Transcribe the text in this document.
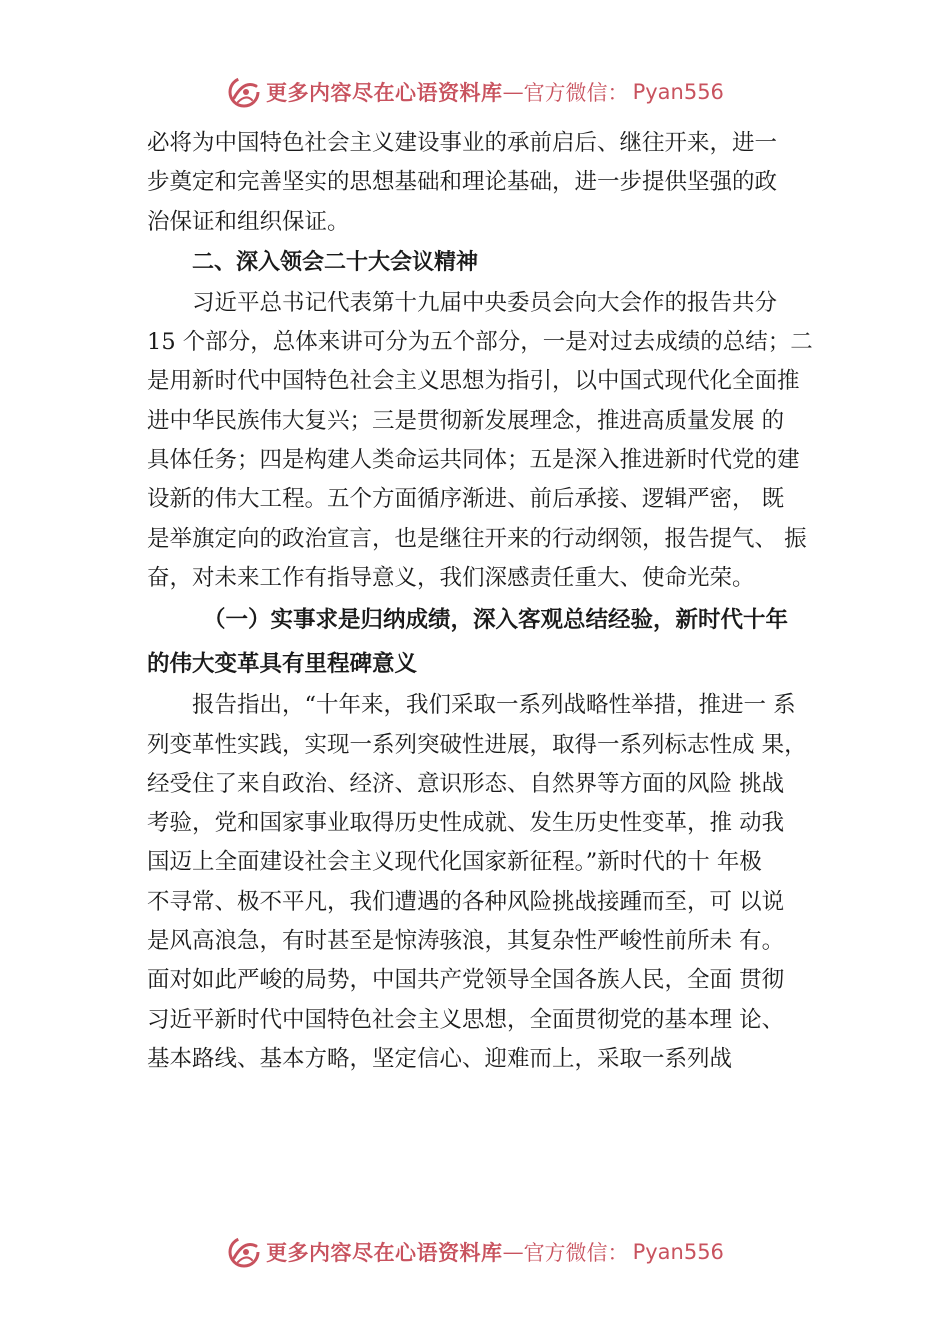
更多内容尽在心语资料库 — 官方微信： Pyan556
必将为中国特色社会主义建设事业的承前启后、继往开来，进一
步奠定和完善坚实的思想基础和理论基础，进一步提供坚强的政
治保证和组织保证。
二、深入领会二十大会议精神
习近平总书记代表第十九届中央委员会向大会作的报告共分
15 个部分，总体来讲可分为五个部分，一是对过去成绩的总结；二
是用新时代中国特色社会主义思想为指引，以中国式现代化全面推
进中华民族伟大复兴；三是贯彻新发展理念，推进高质量发展 的
具体任务；四是构建人类命运共同体；五是深入推进新时代党的建
设新的伟大工程。五个方面循序渐进、前后承接、逻辑严密， 既
是举旗定向的政治宣言，也是继往开来的行动纲领，报告提气、 振
奋，对未来工作有指导意义，我们深感责任重大、使命光荣。
（一）实事求是归纳成绩，深入客观总结经验，新时代十年
的伟大变革具有里程碑意义
报告指出，“十年来，我们采取一系列战略性举措，推进一 系
列变革性实践，实现一系列突破性进展，取得一系列标志性成 果，
经受住了来自政治、经济、意识形态、自然界等方面的风险 挑战
考验，党和国家事业取得历史性成就、发生历史性变革，推 动我
国迈上全面建设社会主义现代化国家新征程。”新时代的十 年极
不寻常、极不平凡，我们遭遇的各种风险挑战接踵而至，可 以说
是风高浪急，有时甚至是惊涛骇浪，其复杂性严峻性前所未 有。
面对如此严峻的局势，中国共产党领导全国各族人民，全面 贯彻
习近平新时代中国特色社会主义思想，全面贯彻党的基本理 论、
基本路线、基本方略，坚定信心、迎难而上，采取一系列战
更多内容尽在心语资料库 — 官方微信： Pyan556
